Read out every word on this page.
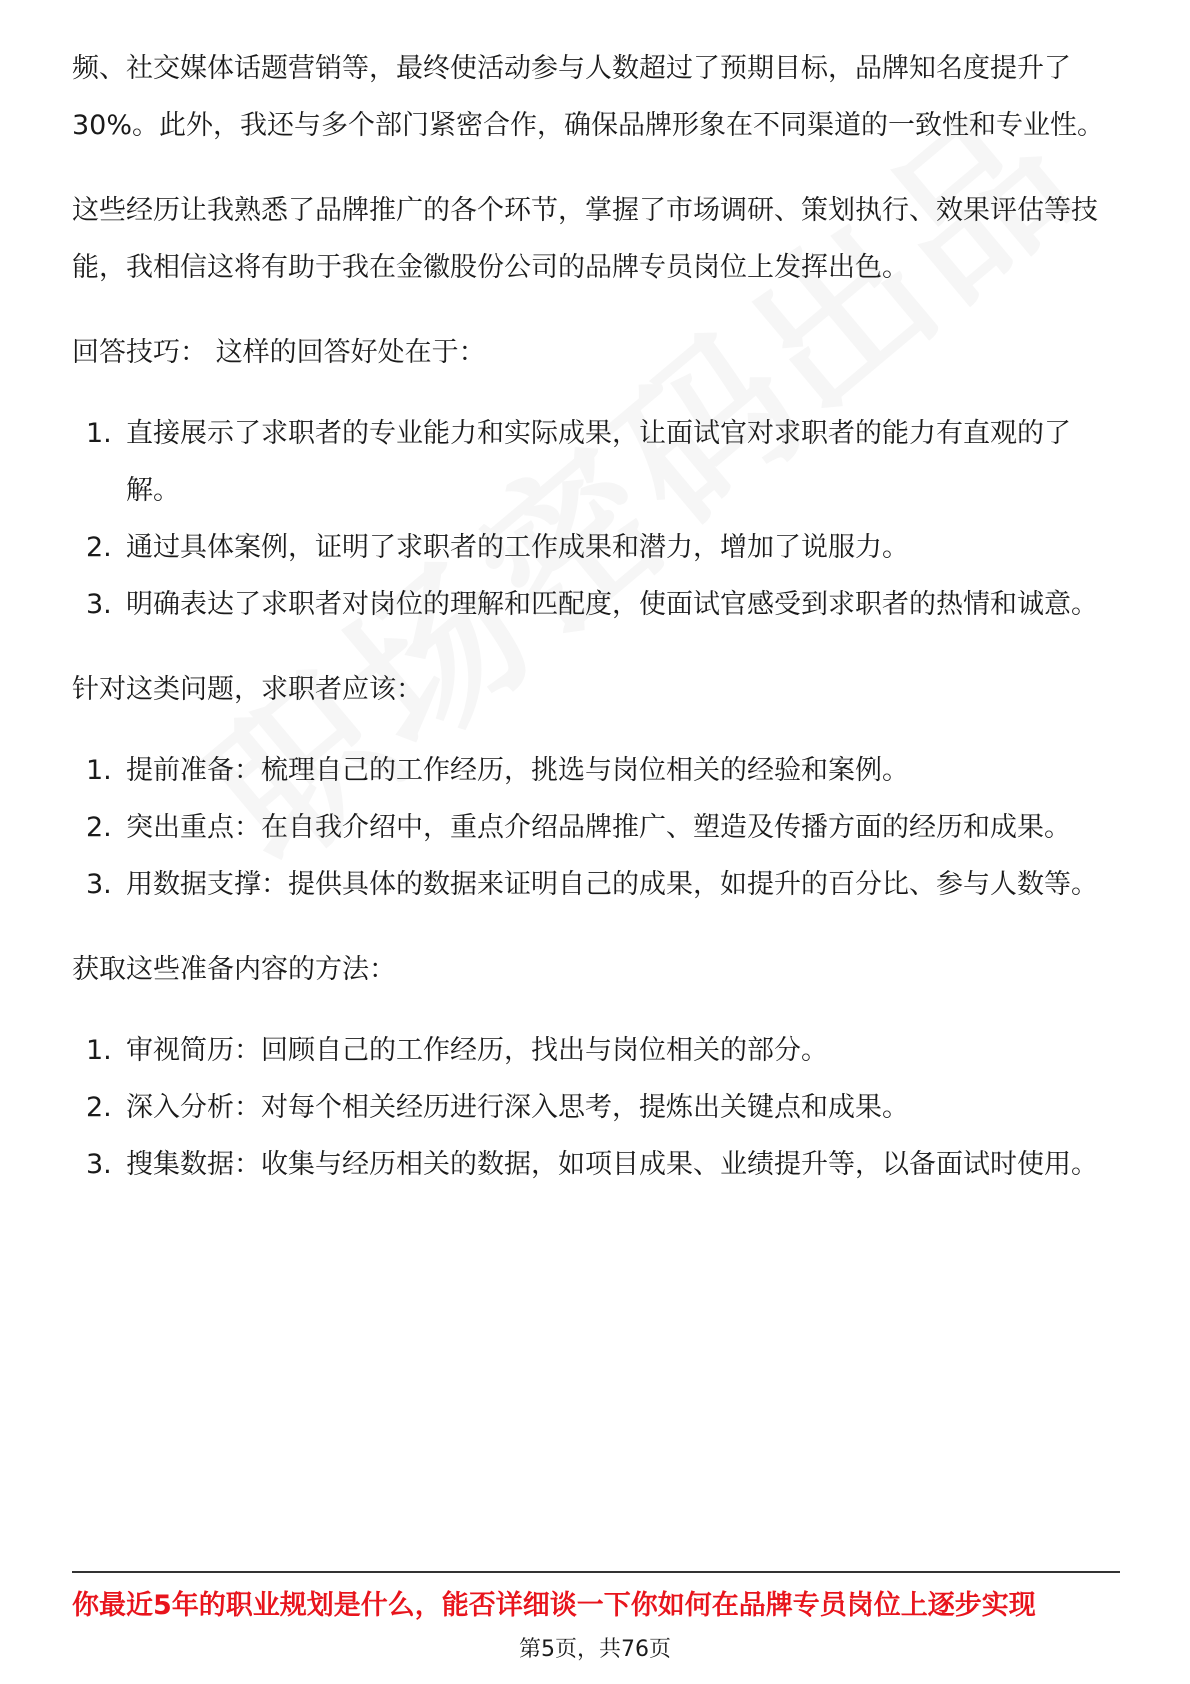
频、社交媒体话题营销等，最终使活动参与人数超过了预期目标，品牌知名度提升了30%。此外，我还与多个部门紧密合作，确保品牌形象在不同渠道的一致性和专业性。

这些经历让我熟悉了品牌推广的各个环节，掌握了市场调研、策划执行、效果评估等技能，我相信这将有助于我在金徽股份公司的品牌专员岗位上发挥出色。

回答技巧： 这样的回答好处在于：

1. 直接展示了求职者的专业能力和实际成果，让面试官对求职者的能力有直观的了解。
2. 通过具体案例，证明了求职者的工作成果和潜力，增加了说服力。
3. 明确表达了求职者对岗位的理解和匹配度，使面试官感受到求职者的热情和诚意。

针对这类问题，求职者应该：

1. 提前准备：梳理自己的工作经历，挑选与岗位相关的经验和案例。
2. 突出重点：在自我介绍中，重点介绍品牌推广、塑造及传播方面的经历和成果。
3. 用数据支撑：提供具体的数据来证明自己的成果，如提升的百分比、参与人数等。

获取这些准备内容的方法：

1. 审视简历：回顾自己的工作经历，找出与岗位相关的部分。
2. 深入分析：对每个相关经历进行深入思考，提炼出关键点和成果。
3. 搜集数据：收集与经历相关的数据，如项目成果、业绩提升等，以备面试时使用。
你最近5年的职业规划是什么，能否详细谈一下你如何在品牌专员岗位上逐步实现
第5页，共76页
